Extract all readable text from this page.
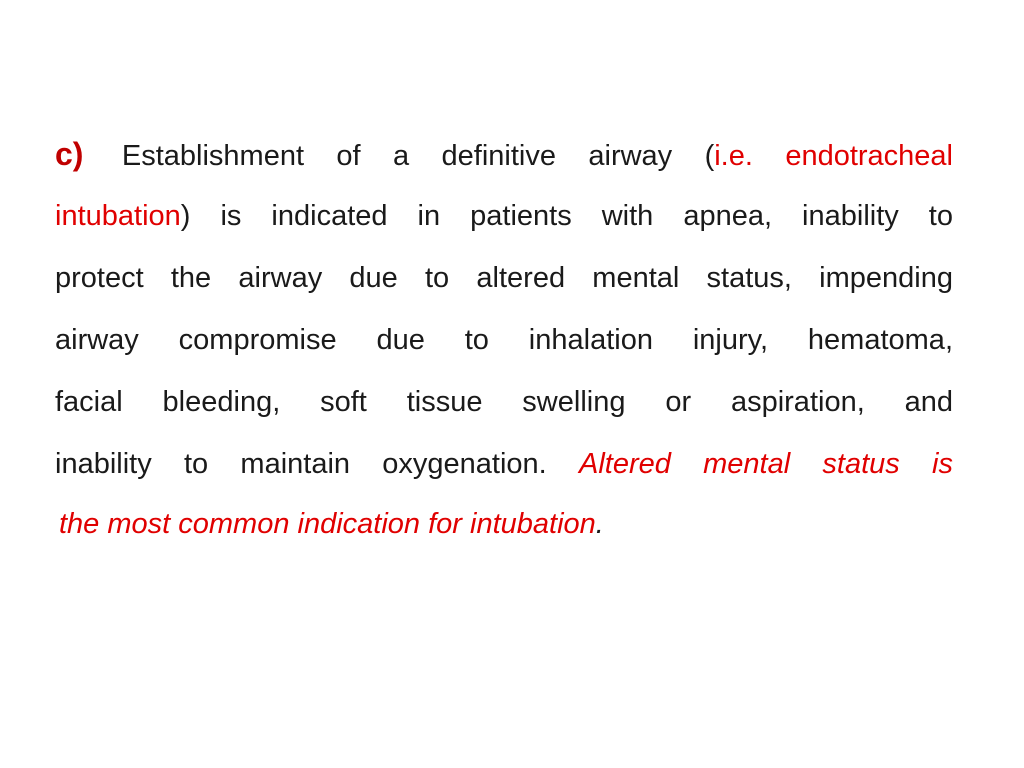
c) Establishment of a definitive airway (i.e. endotracheal
intubation) is indicated in patients with apnea, inability to
protect the airway due to altered mental status, impending
airway compromise due to inhalation injury, hematoma,
facial bleeding, soft tissue swelling or aspiration, and
inability to maintain oxygenation. Altered mental status is
the most common indication for intubation.
